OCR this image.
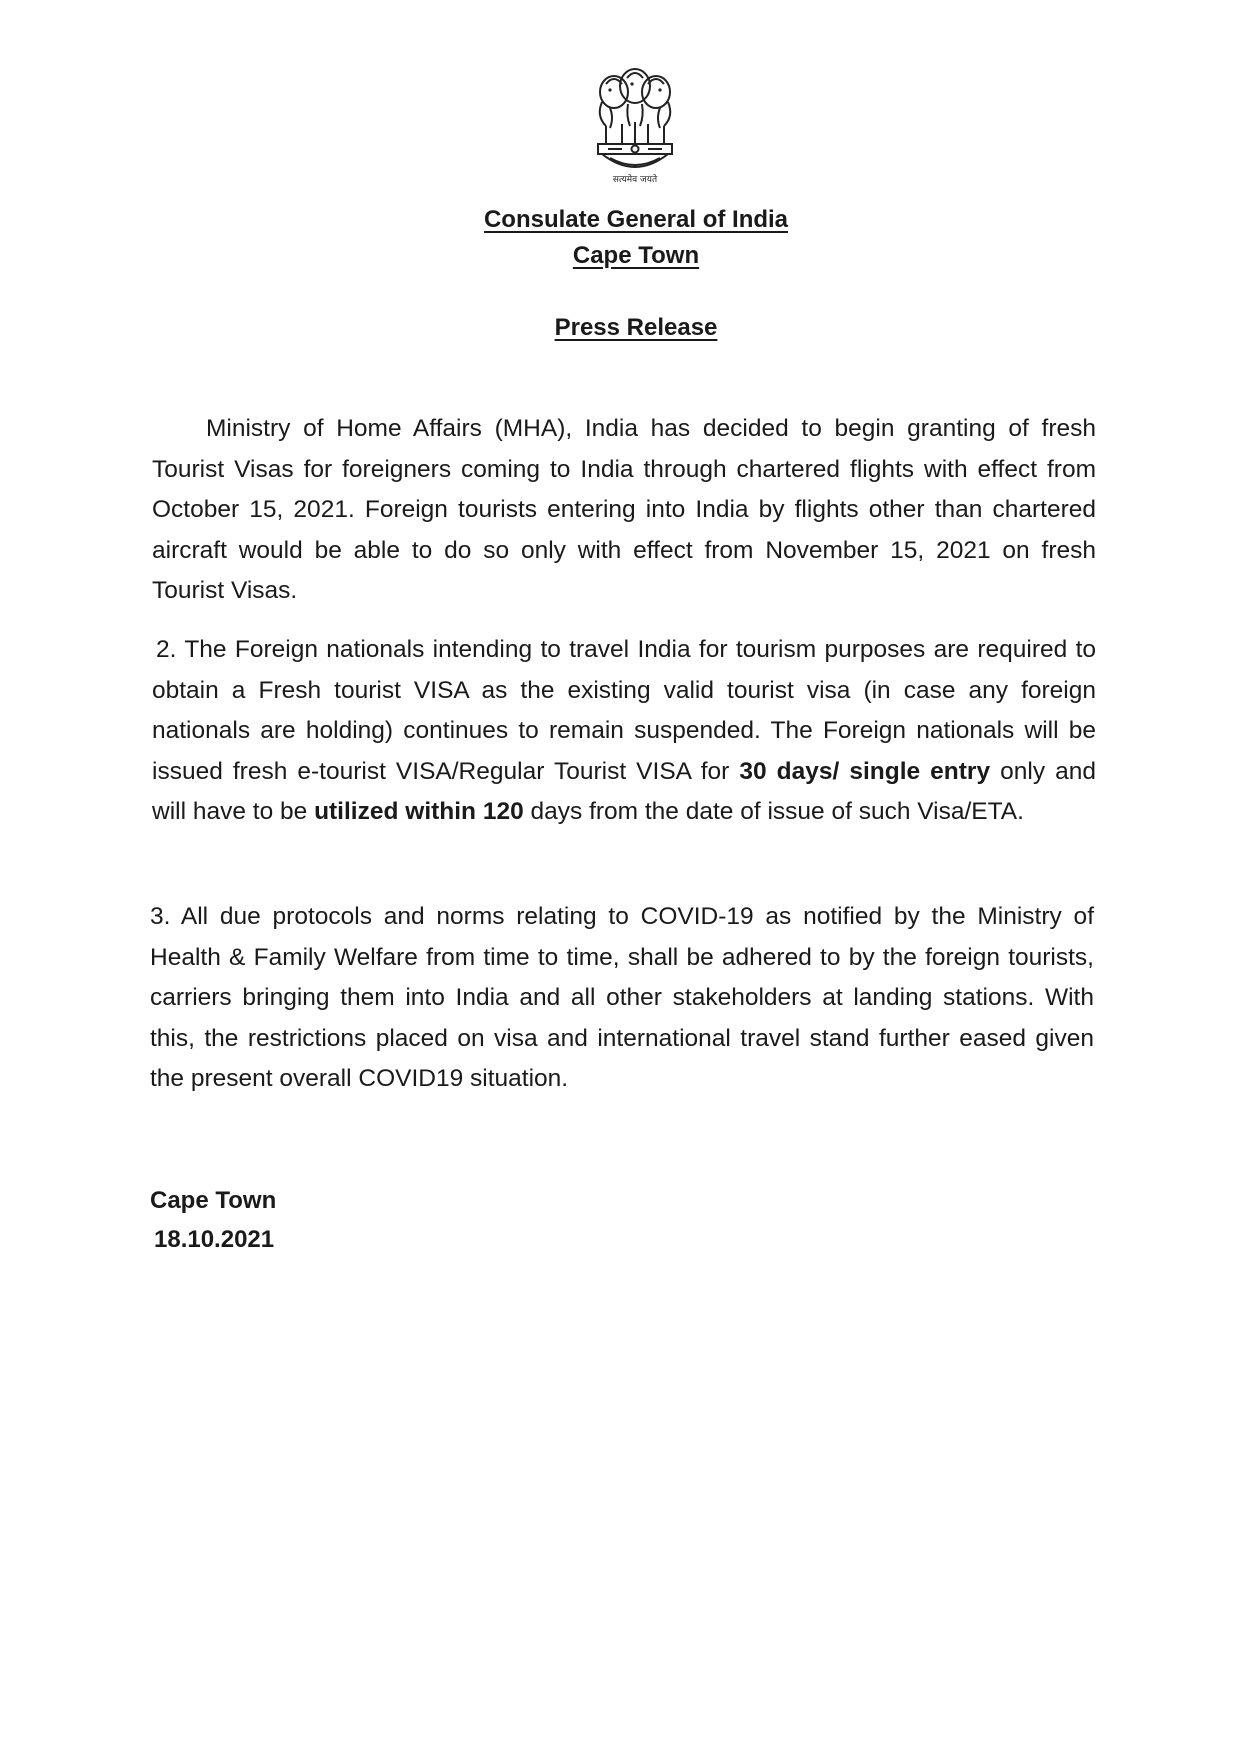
सत्यमेव जयते
Consulate General of India
Cape Town
Press Release

Ministry of Home Affairs (MHA), India has decided to begin granting of fresh Tourist Visas for foreigners coming to India through chartered flights with effect from October 15, 2021. Foreign tourists entering into India by flights other than chartered aircraft would be able to do so only with effect from November 15, 2021 on fresh Tourist Visas.

2. The Foreign nationals intending to travel India for tourism purposes are required to obtain a Fresh tourist VISA as the existing valid tourist visa (in case any foreign nationals are holding) continues to remain suspended. The Foreign nationals will be issued fresh e-tourist VISA/Regular Tourist VISA for 30 days/ single entry only and will have to be utilized within 120 days from the date of issue of such Visa/ETA.

3. All due protocols and norms relating to COVID-19 as notified by the Ministry of Health & Family Welfare from time to time, shall be adhered to by the foreign tourists, carriers bringing them into India and all other stakeholders at landing stations. With this, the restrictions placed on visa and international travel stand further eased given the present overall COVID19 situation.

Cape Town

18.10.2021
